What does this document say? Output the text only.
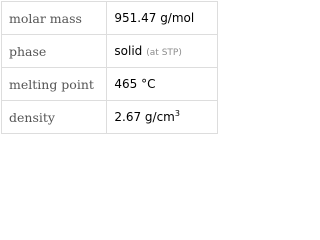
molar mass	951.47 g/mol
phase	solid (at STP)
melting point	465 °C
density	2.67 $g/cm^3$
